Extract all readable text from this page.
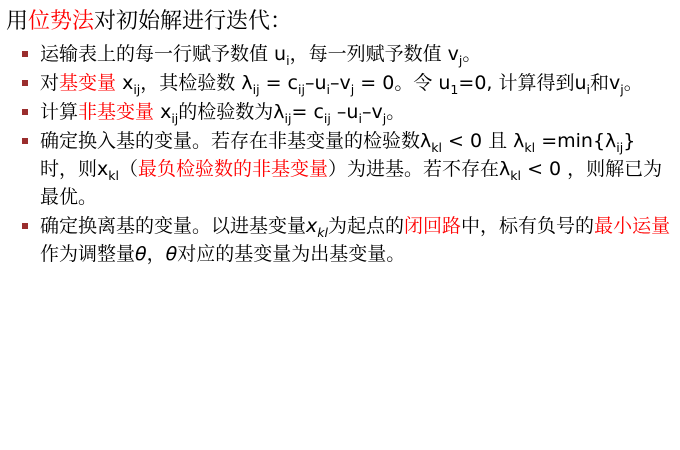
用位势法对初始解进行迭代：
运输表上的每一行赋予数值 $u_i$，每一列赋予数值 $v_j$。
对基变量 $x_{ij}$，其检验数 $\lambda_{ij} = c_{ij}-u_i-v_j = 0$。令 $u_1=0$, 计算得到$u_i$和$v_j$。
计算非基变量 $x_{ij}$的检验数为$\lambda_{ij}= c_{ij}$ $-u_i-v_j$。
确定换入基的变量。若存在非基变量的检验数$\lambda_{kl} < 0$ 且 $\lambda_{kl} =\min\{\lambda_{ij}\}$时，则$x_{kl}$（最负检验数的非基变量）为进基。若不存在$\lambda_{kl} < 0$ ，则解已为最优。
确定换离基的变量。以进基变量$x_{kl}$为起点的闭回路中，标有负号的最小运量作为调整量θ，θ对应的基变量为出基变量。
